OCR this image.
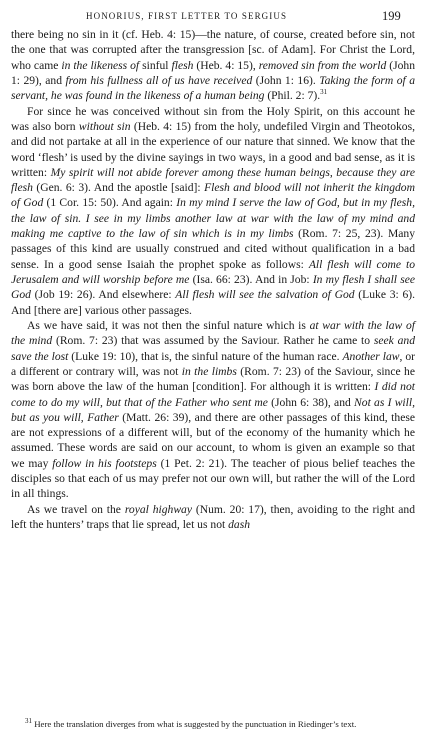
HONORIUS, FIRST LETTER TO SERGIUS	199

there being no sin in it (cf. Heb. 4: 15)—the nature, of course, created before sin, not the one that was corrupted after the transgression [sc. of Adam]. For Christ the Lord, who came in the likeness of sinful flesh (Heb. 4: 15), removed sin from the world (John 1: 29), and from his fullness all of us have received (John 1: 16). Taking the form of a servant, he was found in the likeness of a human being (Phil. 2: 7).$^{31}$

For since he was conceived without sin from the Holy Spirit, on this account he was also born without sin (Heb. 4: 15) from the holy, undefiled Virgin and Theotokos, and did not partake at all in the experience of our nature that sinned. We know that the word ‘flesh’ is used by the divine sayings in two ways, in a good and bad sense, as it is written: My spirit will not abide forever among these human beings, because they are flesh (Gen. 6: 3). And the apostle [said]: Flesh and blood will not inherit the kingdom of God (1 Cor. 15: 50). And again: In my mind I serve the law of God, but in my flesh, the law of sin. I see in my limbs another law at war with the law of my mind and making me captive to the law of sin which is in my limbs (Rom. 7: 25, 23). Many passages of this kind are usually construed and cited without qualification in a bad sense. In a good sense Isaiah the prophet spoke as follows: All flesh will come to Jerusalem and will worship before me (Isa. 66: 23). And in Job: In my flesh I shall see God (Job 19: 26). And elsewhere: All flesh will see the salvation of God (Luke 3: 6). And [there are] various other passages.

As we have said, it was not then the sinful nature which is at war with the law of the mind (Rom. 7: 23) that was assumed by the Saviour. Rather he came to seek and save the lost (Luke 19: 10), that is, the sinful nature of the human race. Another law, or a different or contrary will, was not in the limbs (Rom. 7: 23) of the Saviour, since he was born above the law of the human [condition]. For although it is written: I did not come to do my will, but that of the Father who sent me (John 6: 38), and Not as I will, but as you will, Father (Matt. 26: 39), and there are other passages of this kind, these are not expressions of a different will, but of the economy of the humanity which he assumed. These words are said on our account, to whom is given an example so that we may follow in his footsteps (1 Pet. 2: 21). The teacher of pious belief teaches the disciples so that each of us may prefer not our own will, but rather the will of the Lord in all things.

As we travel on the royal highway (Num. 20: 17), then, avoiding to the right and left the hunters’ traps that lie spread, let us not dash

$^{31}$ Here the translation diverges from what is suggested by the punctuation in Riedinger’s text.
